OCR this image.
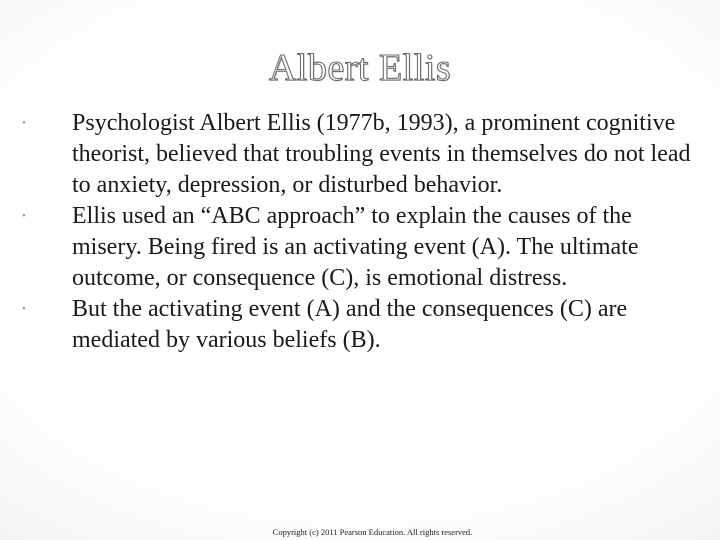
Albert Ellis
• Psychologist Albert Ellis (1977b, 1993), a prominent cognitive theorist, believed that troubling events in themselves do not lead to anxiety, depression, or disturbed behavior.
• Ellis used an “ABC approach” to explain the causes of the misery. Being fired is an activating event (A). The ultimate outcome, or consequence (C), is emotional distress.
• But the activating event (A) and the consequences (C) are mediated by various beliefs (B).
Copyright (c) 2011 Pearson Education. All rights reserved.
